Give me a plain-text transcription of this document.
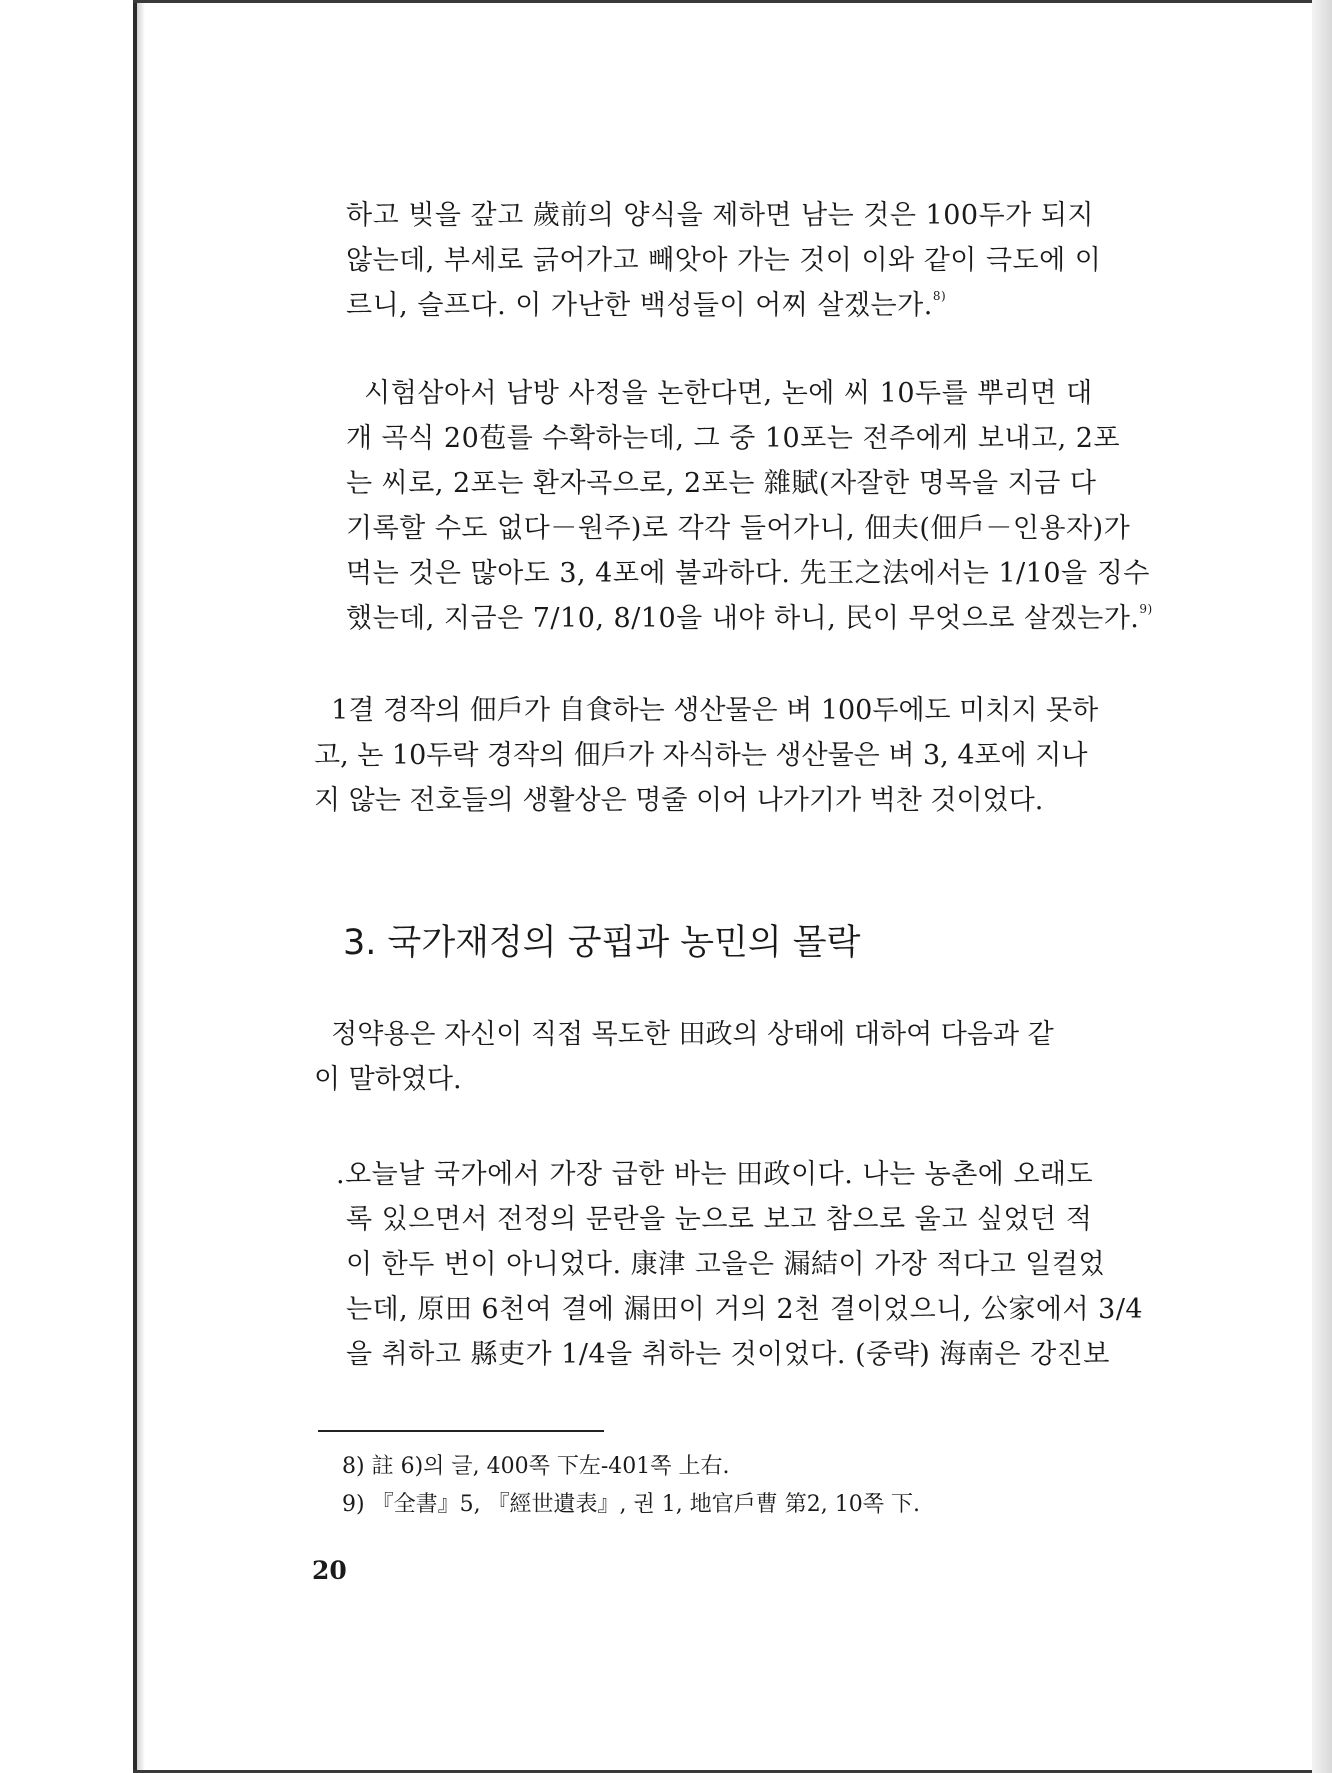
하고 빚을 갚고 歲前의 양식을 제하면 남는 것은 100두가 되지
않는데, 부세로 긁어가고 빼앗아 가는 것이 이와 같이 극도에 이
르니, 슬프다. 이 가난한 백성들이 어찌 살겠는가.$^{8)}$
시험삼아서 남방 사정을 논한다면, 논에 씨 10두를 뿌리면 대
개 곡식 20苞를 수확하는데, 그 중 10포는 전주에게 보내고, 2포
는 씨로, 2포는 환자곡으로, 2포는 雜賦(자잘한 명목을 지금 다
기록할 수도 없다－원주)로 각각 들어가니, 佃夫(佃戶－인용자)가
먹는 것은 많아도 3, 4포에 불과하다. 先王之法에서는 1/10을 징수
했는데, 지금은 7/10, 8/10을 내야 하니, 民이 무엇으로 살겠는가.$^{9)}$
1결 경작의 佃戶가 自食하는 생산물은 벼 100두에도 미치지 못하
고, 논 10두락 경작의 佃戶가 자식하는 생산물은 벼 3, 4포에 지나
지 않는 전호들의 생활상은 명줄 이어 나가기가 벅찬 것이었다.
3. 국가재정의 궁핍과 농민의 몰락
정약용은 자신이 직접 목도한 田政의 상태에 대하여 다음과 같
이 말하였다.
.오늘날 국가에서 가장 급한 바는 田政이다. 나는 농촌에 오래도
록 있으면서 전정의 문란을 눈으로 보고 참으로 울고 싶었던 적
이 한두 번이 아니었다. 康津 고을은 漏結이 가장 적다고 일컬었
는데, 原田 6천여 결에 漏田이 거의 2천 결이었으니, 公家에서 3/4
을 취하고 縣吏가 1/4을 취하는 것이었다. (중략) 海南은 강진보
8) 註 6)의 글, 400쪽 下左-401쪽 上右.
9) 『全書』5, 『經世遺表』, 권 1, 地官戶曹 第2, 10쪽 下.
20
